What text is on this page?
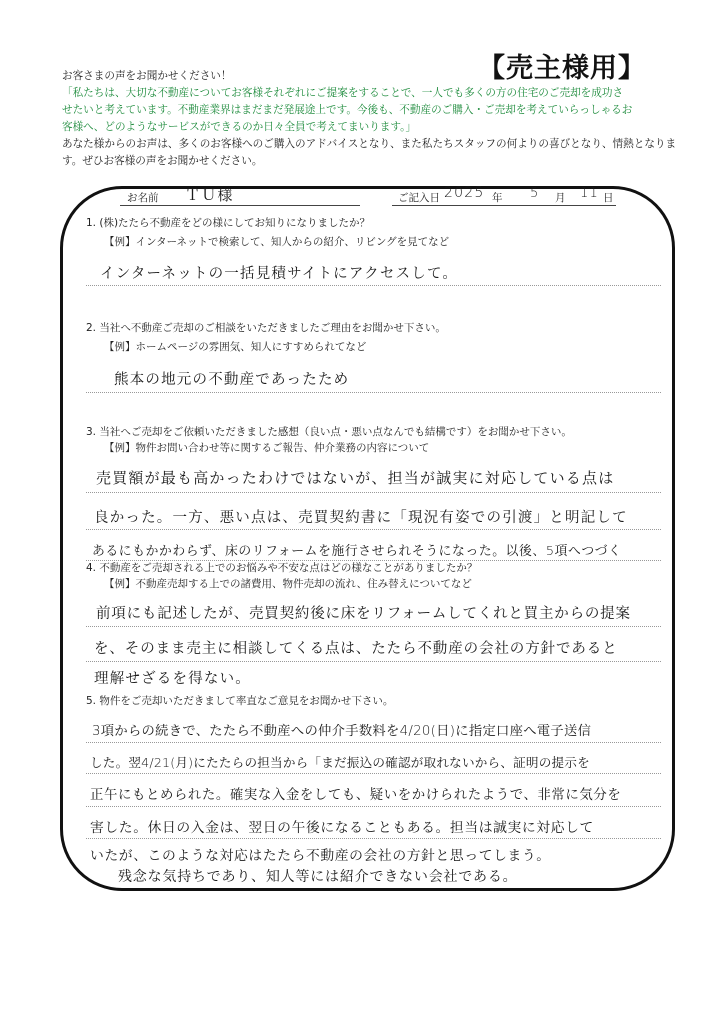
【売主様用】
お客さまの声をお聞かせください！
「私たちは、大切な不動産についてお客様それぞれにご提案をすることで、一人でも多くの方の住宅のご売却を成功さ
せたいと考えています。不動産業界はまだまだ発展途上です。今後も、不動産のご購入・ご売却を考えていらっしゃるお
客様へ、どのようなサービスができるのか日々全員で考えてまいります。」
あなた様からのお声は、多くのお客様へのご購入のアドバイスとなり、また私たちスタッフの何よりの喜びとなり、情熱となりま
す。ぜひお客様の声をお聞かせください。
お名前 ＴＵ様	ご記入日 2025 年 5 月 11 日
1. (株)たたら不動産をどの様にしてお知りになりましたか？
【例】インターネットで検索して、知人からの紹介、リビングを見てなど
インターネットの一括見積サイトにアクセスして。
2. 当社へ不動産ご売却のご相談をいただきましたご理由をお聞かせ下さい。
【例】ホームページの雰囲気、知人にすすめられてなど
熊本の地元の不動産であったため
3. 当社へご売却をご依頼いただきました感想（良い点・悪い点なんでも結構です）をお聞かせ下さい。
【例】物件お問い合わせ等に関するご報告、仲介業務の内容について
売買額が最も高かったわけではないが、担当が誠実に対応している点は
良かった。一方、悪い点は、売買契約書に「現況有姿での引渡」と明記して
あるにもかかわらず、床のリフォームを施行させられそうになった。以後、5項へつづく
4. 不動産をご売却される上でのお悩みや不安な点はどの様なことがありましたか？
【例】不動産売却する上での諸費用、物件売却の流れ、住み替えについてなど
前項にも記述したが、売買契約後に床をリフォームしてくれと買主からの提案
を、そのまま売主に相談してくる点は、たたら不動産の会社の方針であると
理解せざるを得ない。
5. 物件をご売却いただきまして率直なご意見をお聞かせ下さい。
3項からの続きで、たたら不動産への仲介手数料を4/20(日)に指定口座へ電子送信
した。翌4/21(月)にたたらの担当から「まだ振込の確認が取れないから、証明の提示を
正午にもとめられた。確実な入金をしても、疑いをかけられたようで、非常に気分を
害した。休日の入金は、翌日の午後になることもある。担当は誠実に対応して
いたが、このような対応はたたら不動産の会社の方針と思ってしまう。
残念な気持ちであり、知人等には紹介できない会社である。
